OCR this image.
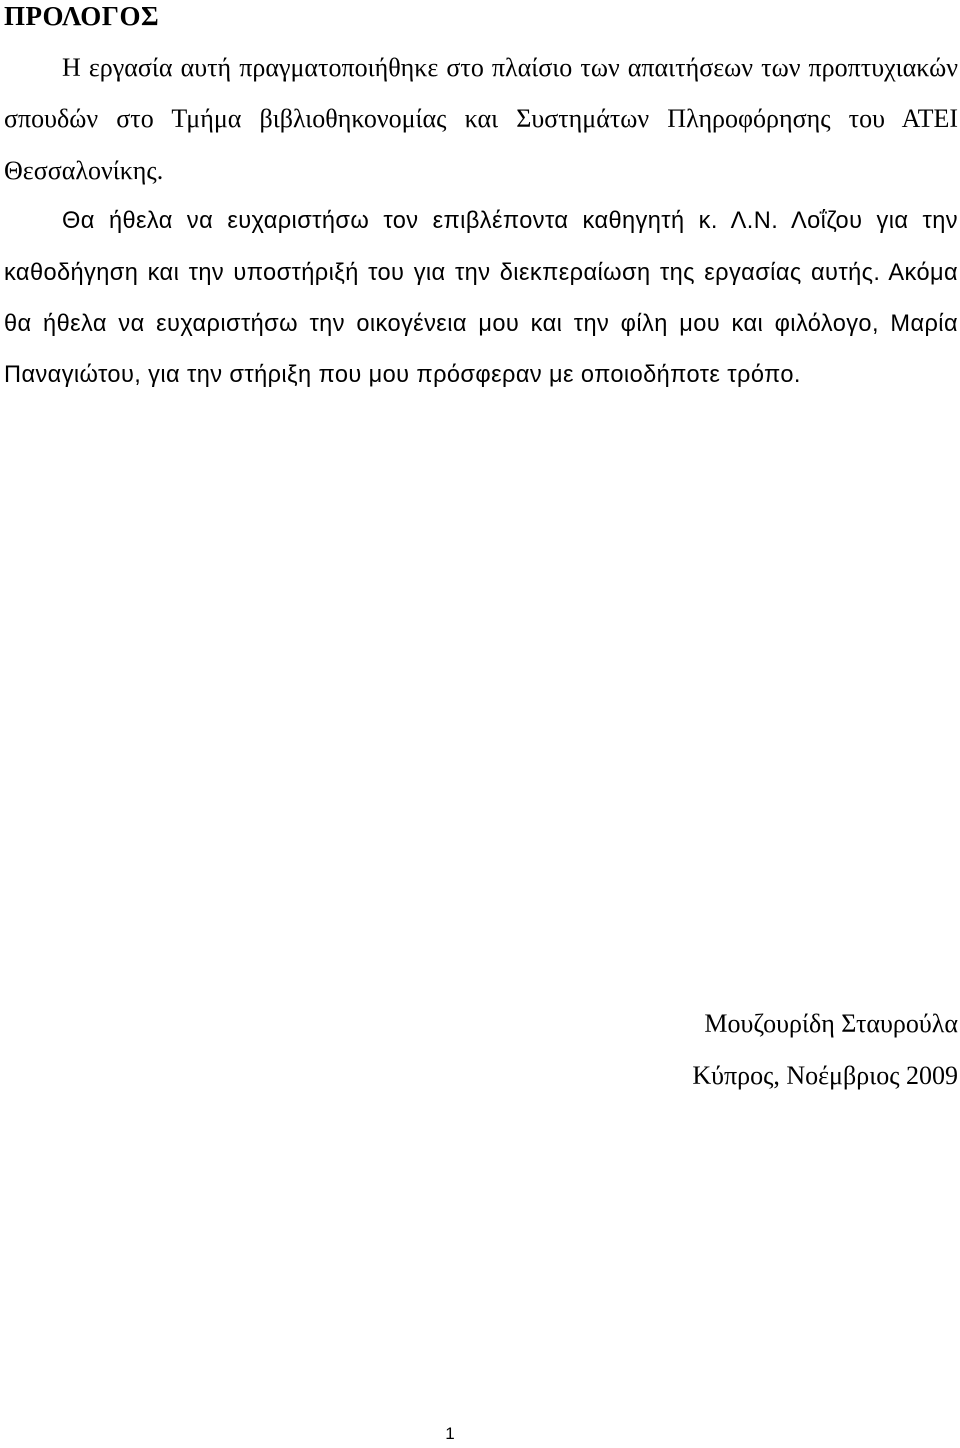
ΠΡΟΛΟΓΟΣ

Η εργασία αυτή πραγματοποιήθηκε στο πλαίσιο των απαιτήσεων των προπτυχιακών σπουδών στο Τμήμα βιβλιοθηκονομίας και Συστημάτων Πληροφόρησης του ΑΤΕΙ Θεσσαλονίκης.

Θα ήθελα να ευχαριστήσω τον επιβλέποντα καθηγητή κ. Λ.Ν. Λοΐζου για την καθοδήγηση και την υποστήριξή του για την διεκπεραίωση της εργασίας αυτής. Ακόμα θα ήθελα να ευχαριστήσω την οικογένεια μου και την φίλη μου και φιλόλογο, Μαρία Παναγιώτου, για την στήριξη που μου πρόσφεραν με οποιοδήποτε τρόπο.

Μουζουρίδη Σταυρούλα
Κύπρος, Νοέμβριος 2009
1
